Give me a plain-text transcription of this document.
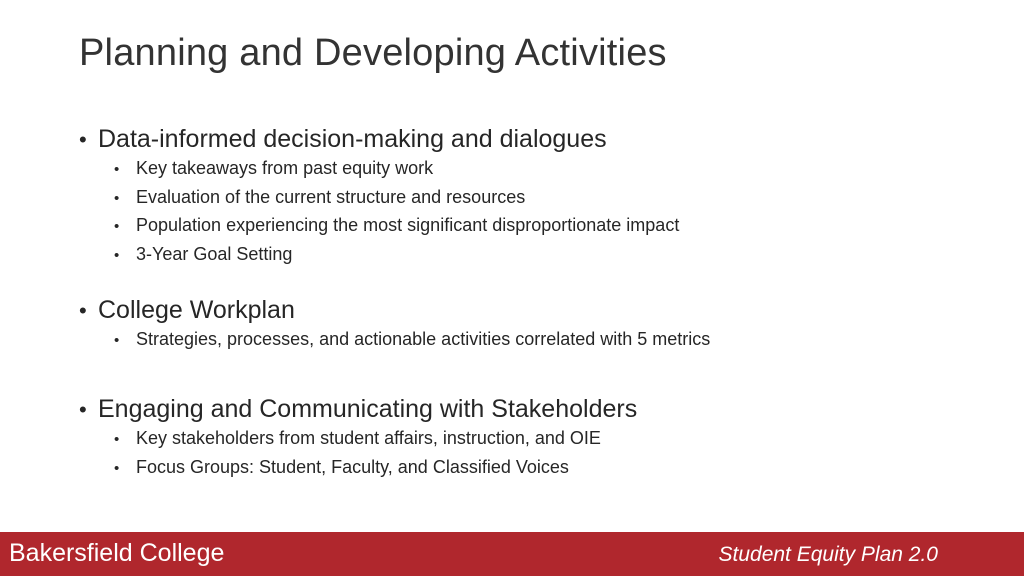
Planning and Developing Activities
• Data-informed decision-making and dialogues
• Key takeaways from past equity work
• Evaluation of the current structure and resources
• Population experiencing the most significant disproportionate impact
• 3-Year Goal Setting
• College Workplan
• Strategies, processes, and actionable activities correlated with 5 metrics
• Engaging and Communicating with Stakeholders
• Key stakeholders from student affairs, instruction, and OIE
• Focus Groups: Student, Faculty, and Classified Voices
Bakersfield College	Student Equity Plan 2.0
